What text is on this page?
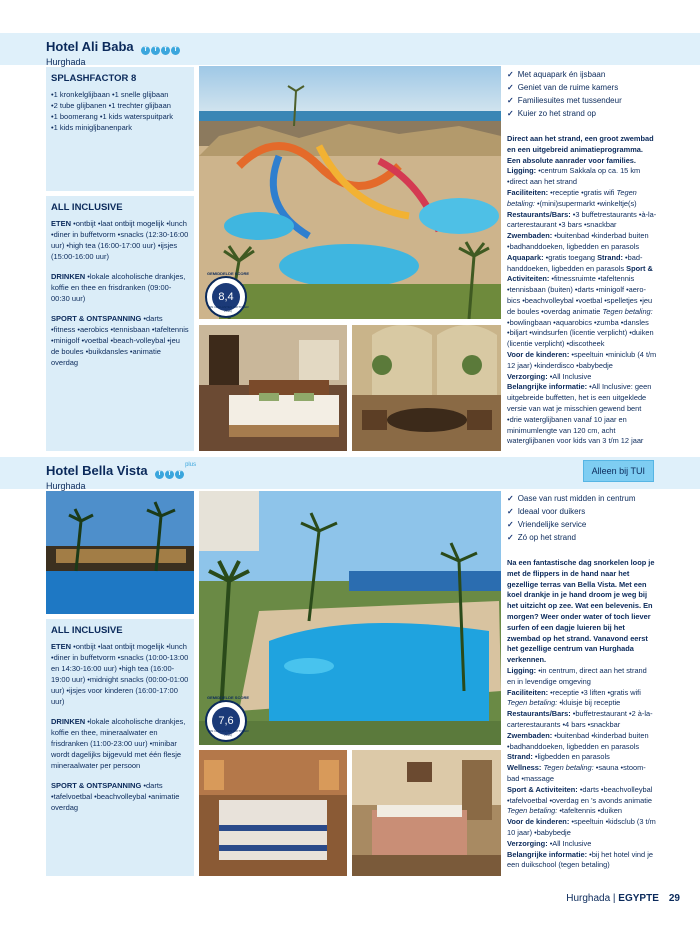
Hotel Ali Baba T T T T
Hurghada
SPLASHFACTOR 8
•1 kronkelglijbaan •1 snelle glijbaan
•2 tube glijbanen •1 trechter glijbaan
•1 boomerang •1 kids waterspuitpark
•1 kids minigljbanenpark
ALL INCLUSIVE

ETEN •ontbijt •laat ontbijt mogelijk •lunch •diner in buffetvorm •snacks (12:30-16:00 uur) •high tea (16:00-17:00 uur) •ijsjes (15:00-16:00 uur)

DRINKEN •lokale alcoholische drankjes, koffie en thee en frisdranken (09:00-00:30 uur)

SPORT & ONTSPANNING •darts •fitness •aerobics •tennisbaan •tafeltennis •minigolf •voetbal •beach-volleybal •jeu de boules •buikdansles •animatie overdag

GEMIDDELDE SCORE
8,4
VAN 10 KLANTEN (OKTOBER 2016)
✓ Met aquapark én ijsbaan
✓ Geniet van de ruime kamers
✓ Familiesuites met tussendeur
✓ Kuier zo het strand op
Direct aan het strand, een groot zwembad en een uitgebreid animatieprogramma. Een absolute aanrader voor families.
Ligging: •centrum Sakkala op ca. 15 km •direct aan het strand
Faciliteiten: •receptie •gratis wifi Tegen betaling: •(mini)supermarkt •winkeltje(s)
Restaurants/Bars: •3 buffetrestaurants •à-la-carterestaurant •3 bars •snackbar
Zwembaden: •buitenbad •kinderbad buiten •badhanddoeken, ligbedden en parasols
Aquapark: •gratis toegang Strand: •bad-handdoeken, ligbedden en parasols Sport & Activiteiten: •fitnessruimte •tafeltennis •tennisbaan (buiten) •darts •minigolf •aero-bics •beachvolleybal •voetbal •spelletjes •jeu de boules •overdag animatie Tegen betaling: •bowlingbaan •aquarobics •zumba •dansles •biljart •windsurfen (licentie verplicht) •duiken (licentie verplicht) •discotheek
Voor de kinderen: •speeltuin •miniclub (4 t/m 12 jaar) •kinderdisco •babybedje
Verzorging: •All Inclusive
Belangrijke informatie: •All Inclusive: geen uitgebreide buffetten, het is een uitgeklede versie van wat je misschien gewend bent •drie waterglijbanen vanaf 10 jaar en minimumlengte van 120 cm, acht waterglijbanen voor kids van 3 t/m 12 jaar
Hotel Bella Vista T T $T^{plus}$
Hurghada
Alleen bij TUI
ALL INCLUSIVE

ETEN •ontbijt •laat ontbijt mogelijk •lunch •diner in buffetvorm •snacks (10:00-13:00 en 14:30-16:00 uur) •high tea (16:00-19:00 uur) •midnight snacks (00:00-01:00 uur) •ijsjes voor kinderen (16:00-17:00 uur)

DRINKEN •lokale alcoholische drankjes, koffie en thee, mineraalwater en frisdranken (11:00-23:00 uur) •minibar wordt dagelijks bijgevuld met één flesje mineraalwater per persoon

SPORT & ONTSPANNING •darts •tafelvoetbal •beachvolleybal •animatie overdag

GEMIDDELDE SCORE
7,6
VAN 10 KLANTEN (OKTOBER 2016)
✓ Oase van rust midden in centrum
✓ Ideaal voor duikers
✓ Vriendelijke service
✓ Zó op het strand
Na een fantastische dag snorkelen loop je met de flippers in de hand naar het gezellige terras van Bella Vista. Met een koel drankje in je hand droom je weg bij het uitzicht op zee. Wat een belevenis. En morgen? Weer onder water of toch liever surfen of een dagje luieren bij het zwembad op het strand. Vanavond eerst het gezellige centrum van Hurghada verkennen.
Ligging: •in centrum, direct aan het strand en in levendige omgeving
Faciliteiten: •receptie •3 liften •gratis wifi Tegen betaling: •kluisje bij receptie
Restaurants/Bars: •buffetrestaurant •2 à-la-carterestaurants •4 bars •snackbar
Zwembaden: •buitenbad •kinderbad buiten •badhanddoeken, ligbedden en parasols
Strand: •ligbedden en parasols
Wellness: Tegen betaling: •sauna •stoom-bad •massage
Sport & Activiteiten: •darts •beachvolleybal •tafelvoetbal •overdag en 's avonds animatie Tegen betaling: •tafeltennis •duiken
Voor de kinderen: •speeltuin •kidsclub (3 t/m 10 jaar) •babybedje
Verzorging: •All Inclusive
Belangrijke informatie: •bij het hotel vind je een duikschool (tegen betaling)
Hurghada | EGYPTE 29
